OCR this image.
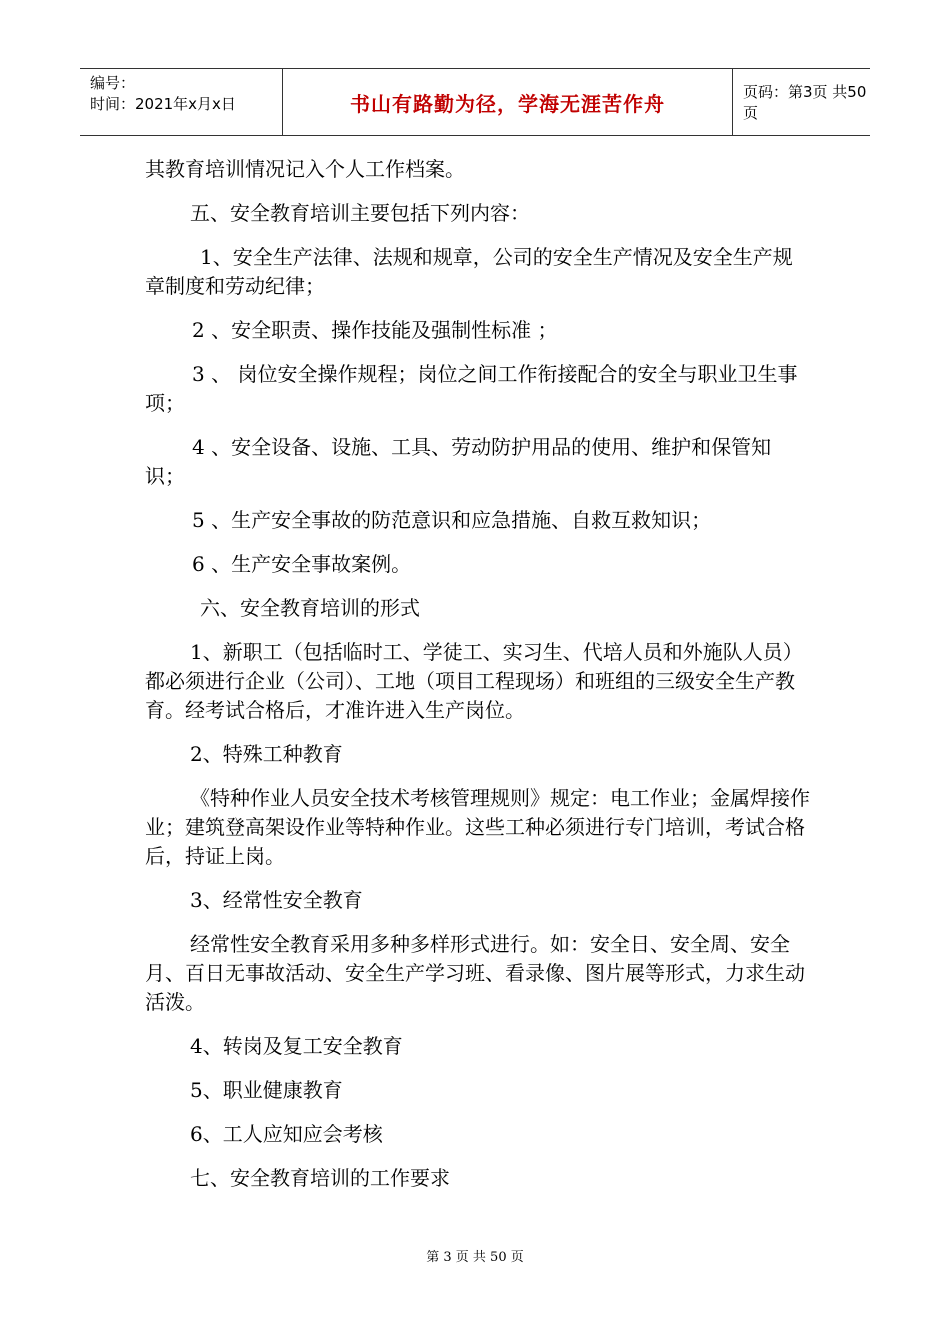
编号：
时间：2021年x月x日	书山有路勤为径，学海无涯苦作舟	页码：第3页 共50页

其教育培训情况记入个人工作档案。

五、安全教育培训主要包括下列内容：

1、安全生产法律、法规和规章，公司的安全生产情况及安全生产规章制度和劳动纪律；

2 、安全职责、操作技能及强制性标准 ；

3 、 岗位安全操作规程；岗位之间工作衔接配合的安全与职业卫生事项；

4 、安全设备、设施、工具、劳动防护用品的使用、维护和保管知识；

5 、生产安全事故的防范意识和应急措施、自救互救知识；

6 、生产安全事故案例。

六、安全教育培训的形式

1、新职工（包括临时工、学徒工、实习生、代培人员和外施队人员）都必须进行企业（公司）、工地（项目工程现场）和班组的三级安全生产教育。经考试合格后，才准许进入生产岗位。

2、特殊工种教育

《特种作业人员安全技术考核管理规则》规定：电工作业；金属焊接作业；建筑登高架设作业等特种作业。这些工种必须进行专门培训，考试合格后，持证上岗。

3、经常性安全教育

经常性安全教育采用多种多样形式进行。如：安全日、安全周、安全月、百日无事故活动、安全生产学习班、看录像、图片展等形式，力求生动活泼。

4、转岗及复工安全教育

5、职业健康教育

6、工人应知应会考核

七、安全教育培训的工作要求

第 3 页 共 50 页
